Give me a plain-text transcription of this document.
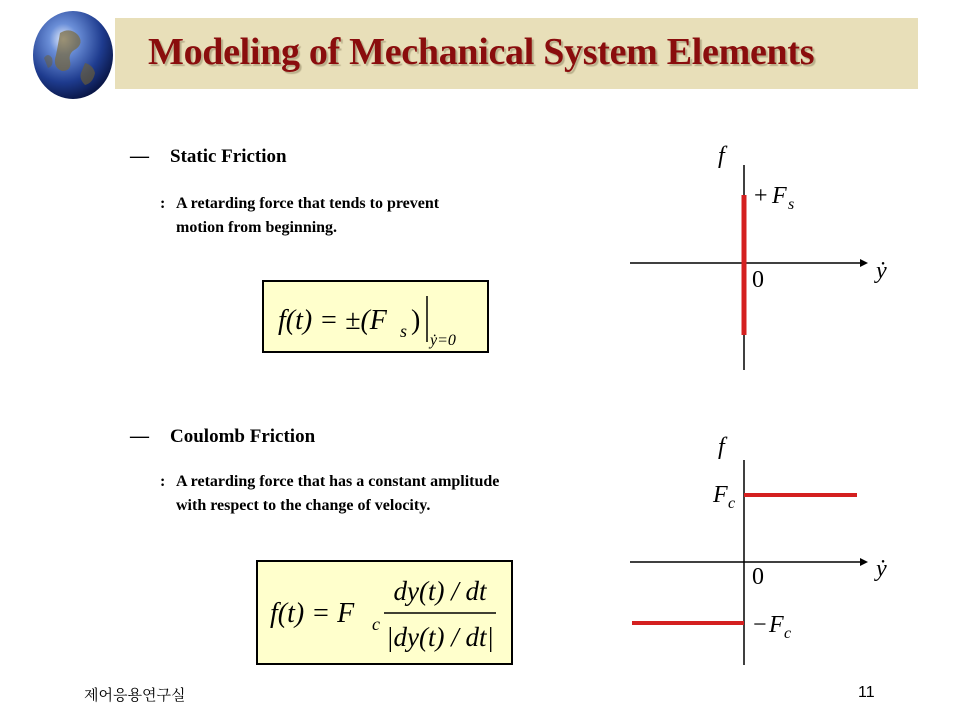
Modeling of Mechanical System Elements
— Static Friction
: A retarding force that tends to prevent
motion from beginning.
f(t) = ±(F s )
ẏ=0
f
ẏ
0
+ F s
— Coulomb Friction
: A retarding force that has a constant amplitude
with respect to the change of velocity.
f(t) = F c
dy(t) / dt
|dy(t) / dt|
f
ẏ
0
F c
− F c
제어응용연구실	11
